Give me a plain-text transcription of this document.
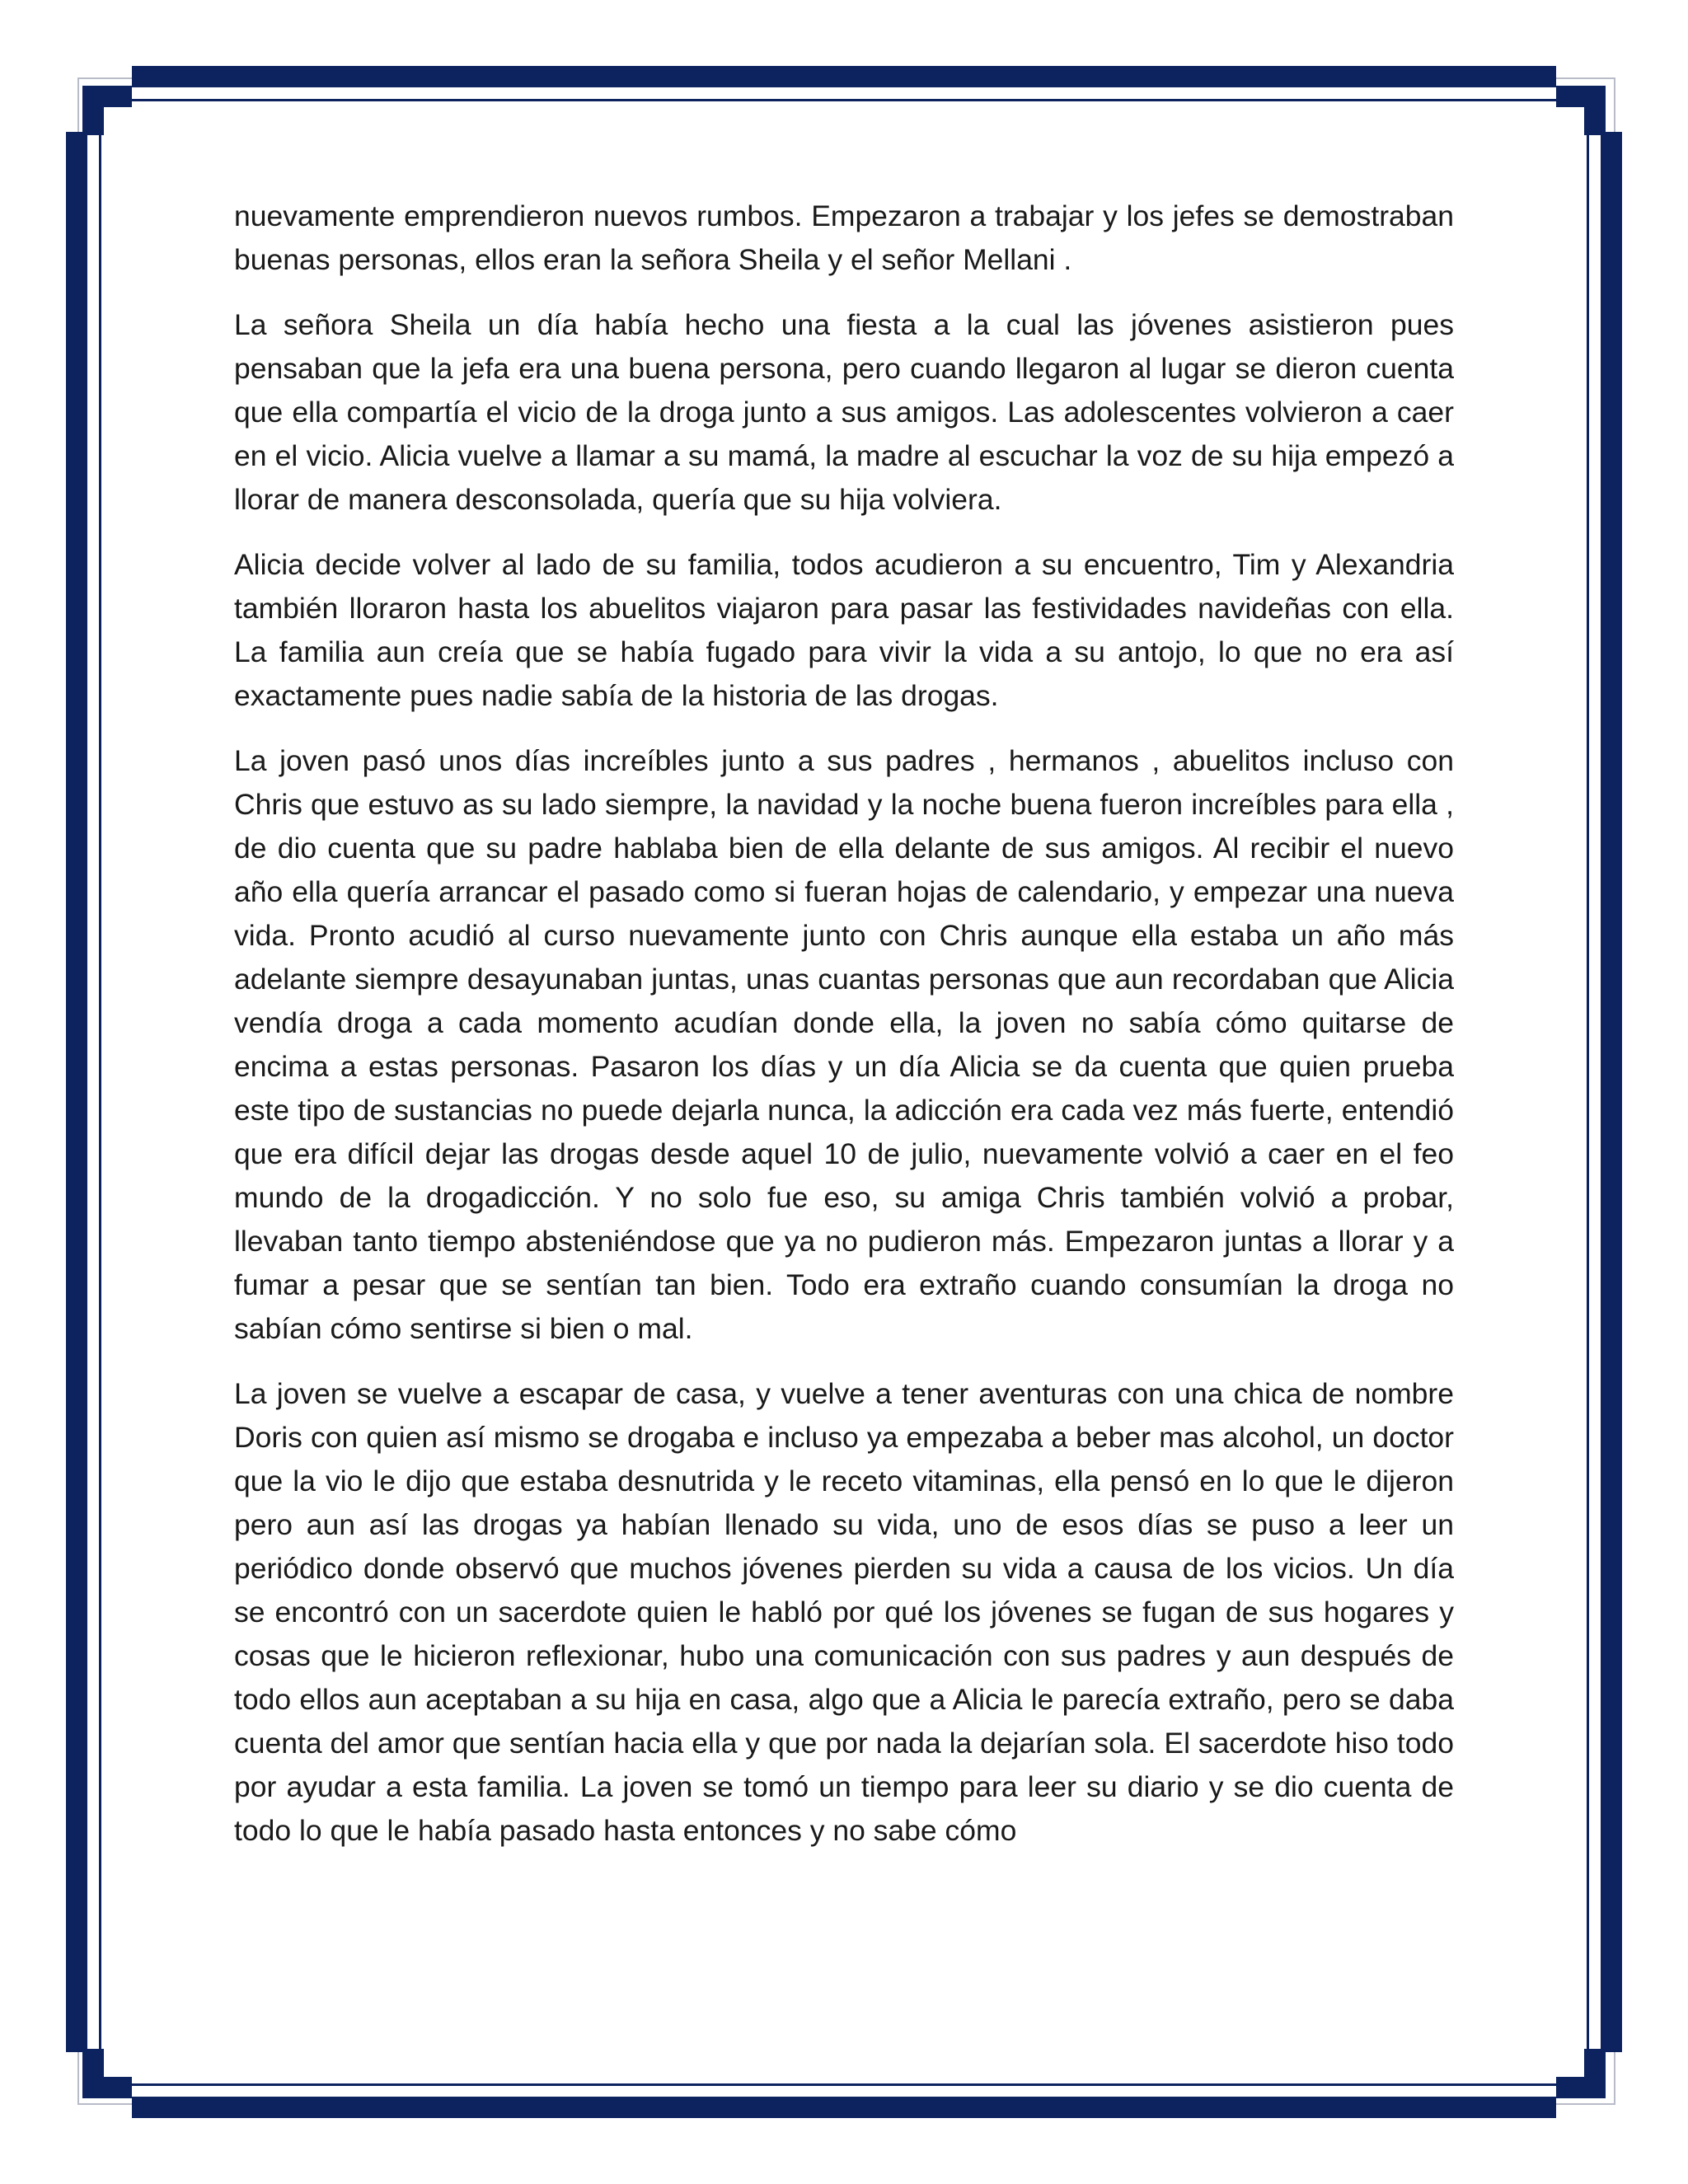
nuevamente emprendieron nuevos rumbos. Empezaron a trabajar y los jefes se demostraban buenas personas, ellos eran la señora Sheila y el señor Mellani .

La señora Sheila un día había hecho una fiesta a la cual las jóvenes asistieron pues pensaban que la jefa era una buena persona, pero cuando llegaron al lugar se dieron cuenta que ella compartía el vicio de la droga junto a sus amigos. Las adolescentes volvieron a caer en el vicio. Alicia vuelve a llamar a su mamá, la madre al escuchar la voz de su hija empezó a llorar de manera desconsolada, quería que su hija volviera.

Alicia decide volver al lado de su familia, todos acudieron a su encuentro, Tim y Alexandria también lloraron hasta los abuelitos viajaron para pasar las festividades navideñas con ella. La familia aun creía que se había fugado para vivir la vida a su antojo, lo que no era así exactamente pues nadie sabía de la historia de las drogas.

La joven pasó unos días increíbles junto a sus padres , hermanos , abuelitos incluso con Chris que estuvo as su lado siempre, la navidad y la noche buena fueron increíbles para ella , de dio cuenta que su padre hablaba bien de ella delante de sus amigos. Al recibir el nuevo año ella quería arrancar el pasado como si fueran hojas de calendario, y empezar una nueva vida. Pronto acudió al curso nuevamente junto con Chris aunque ella estaba un año más adelante siempre desayunaban juntas, unas cuantas personas que aun recordaban que Alicia vendía droga a cada momento acudían donde ella, la joven no sabía cómo quitarse de encima a estas personas. Pasaron los días y un día Alicia se da cuenta que quien prueba este tipo de sustancias no puede dejarla nunca, la adicción era cada vez más fuerte, entendió que era difícil dejar las drogas desde aquel 10 de julio, nuevamente volvió a caer en el feo mundo de la drogadicción. Y no solo fue eso, su amiga Chris también volvió a probar, llevaban tanto tiempo absteniéndose que ya no pudieron más. Empezaron juntas a llorar y a fumar a pesar que se sentían tan bien. Todo era extraño cuando consumían la droga no sabían cómo sentirse si bien o mal.

La joven se vuelve a escapar de casa, y vuelve a tener aventuras con una chica de nombre Doris con quien así mismo se drogaba e incluso ya empezaba a beber mas alcohol, un doctor que la vio le dijo que estaba desnutrida y le receto vitaminas, ella pensó en lo que le dijeron pero aun así las drogas ya habían llenado su vida, uno de esos días se puso a leer un periódico donde observó que muchos jóvenes pierden su vida a causa de los vicios. Un día se encontró con un sacerdote quien le habló por qué los jóvenes se fugan de sus hogares y cosas que le hicieron reflexionar, hubo una comunicación con sus padres y aun después de todo ellos aun aceptaban a su hija en casa, algo que a Alicia le parecía extraño, pero se daba cuenta del amor que sentían hacia ella y que por nada la dejarían sola. El sacerdote hiso todo por ayudar a esta familia. La joven se tomó un tiempo para leer su diario y se dio cuenta de todo lo que le había pasado hasta entonces y no sabe cómo
